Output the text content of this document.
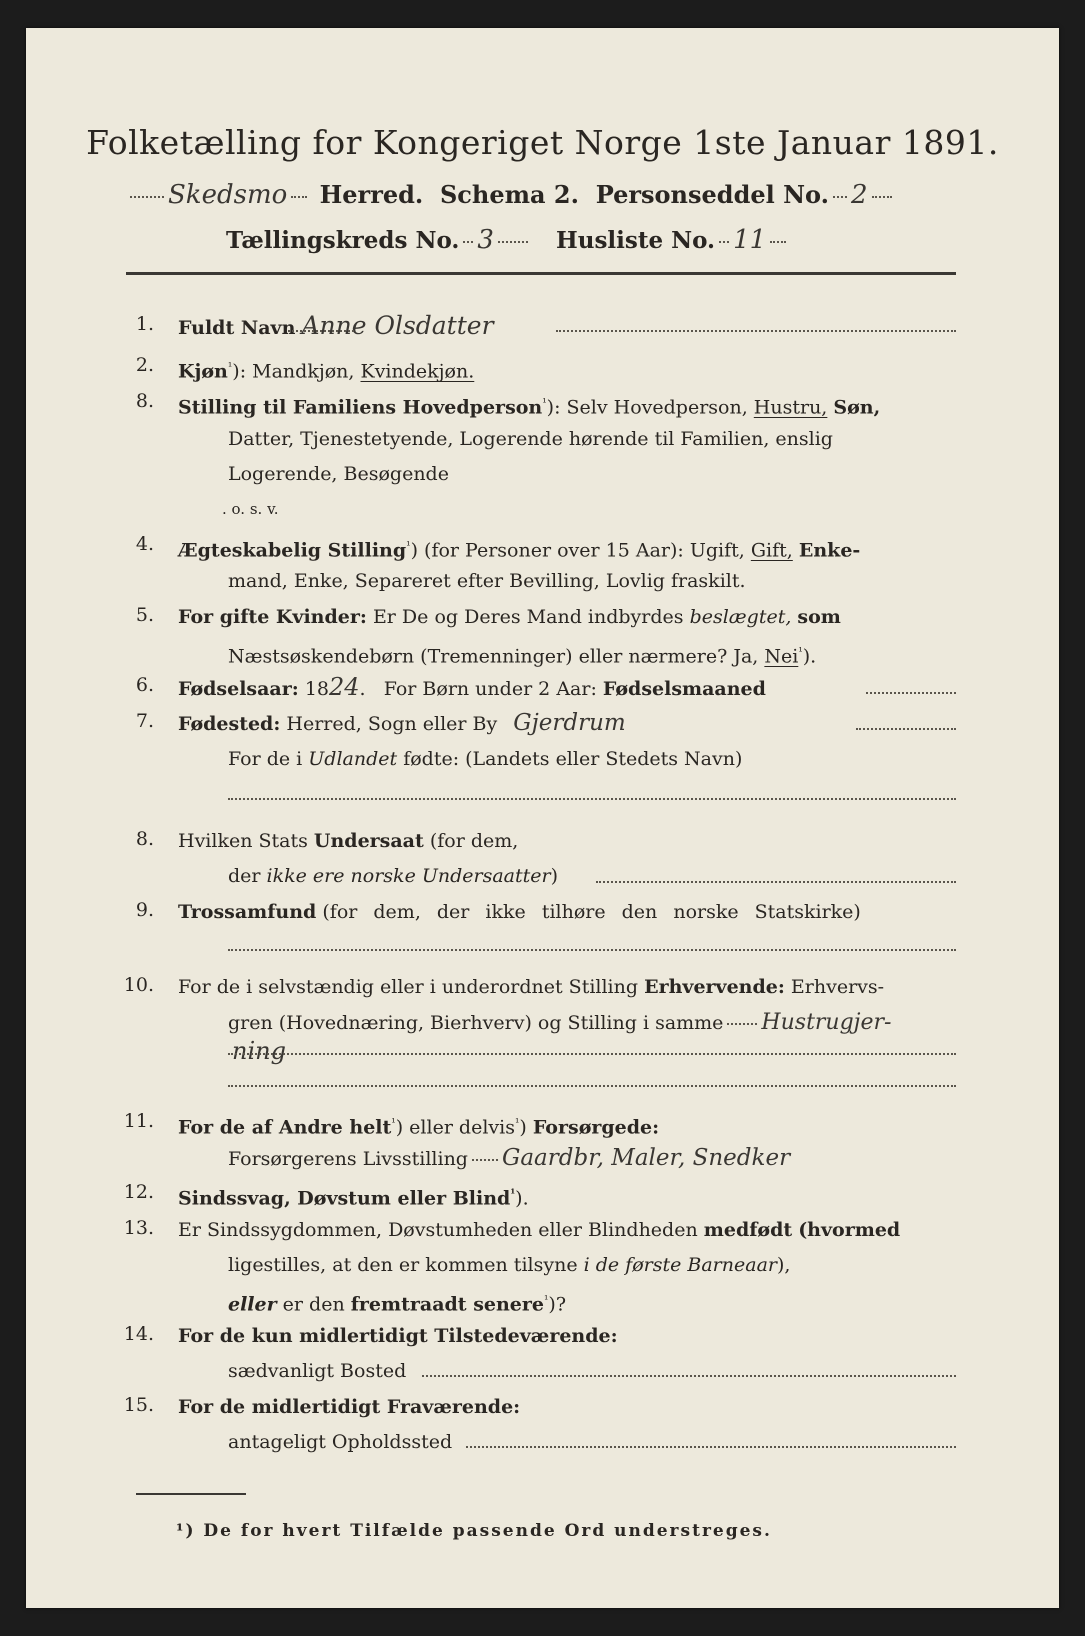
Folketælling for Kongeriget Norge 1ste Januar 1891.
Skedsmo Herred. Schema 2. Personseddel No. 2
Tællingskreds No. 3	Husliste No. 11
1. Fuldt Navn Anne Olsdatter
2. Kjøn$^{^1}$): Mandkjøn, Kvindekjøn.
8. Stilling til Familiens Hovedperson$^{^1}$): Selv Hovedperson, Hustru, Søn,
Datter, Tjenestetyende, Logerende hørende til Familien, enslig
Logerende, Besøgende
. o. s. v.
4. Ægteskabelig Stilling$^{^1}$) (for Personer over 15 Aar): Ugift, Gift, Enke-
mand, Enke, Separeret efter Bevilling, Lovlig fraskilt.
5. For gifte Kvinder: Er De og Deres Mand indbyrdes beslægtet, som
Næstsøskendebørn (Tremenninger) eller nærmere? Ja, Nei$^{^1}$).
6. Fødselsaar: 1824.   For Børn under 2 Aar: Fødselsmaaned
7. Fødested: Herred, Sogn eller By Gjerdrum
For de i Udlandet fødte: (Landets eller Stedets Navn)
8. Hvilken Stats Undersaat (for dem,
der ikke ere norske Undersaatter)
9. Trossamfund (for dem, der ikke tilhøre den norske Statskirke)
10. For de i selvstændig eller i underordnet Stilling Erhvervende: Erhvervs-
gren (Hovednæring, Bierhverv) og Stilling i samme Hustrugjer-
ning
11. For de af Andre helt$^{^1}$) eller delvis$^{^1}$) Forsørgede:
Forsørgerens Livsstilling Gaardbr, Maler, Snedker
12. Sindssvag, Døvstum eller Blind$^{^1}$).
13. Er Sindssygdommen, Døvstumheden eller Blindheden medfødt (hvormed
ligestilles, at den er kommen tilsyne i de første Barneaar),
eller er den fremtraadt senere$^{^1}$)?
14. For de kun midlertidigt Tilstedeværende:
sædvanligt Bosted
15. For de midlertidigt Fraværende:
antageligt Opholdssted
¹) De for hvert Tilfælde passende Ord understreges.
